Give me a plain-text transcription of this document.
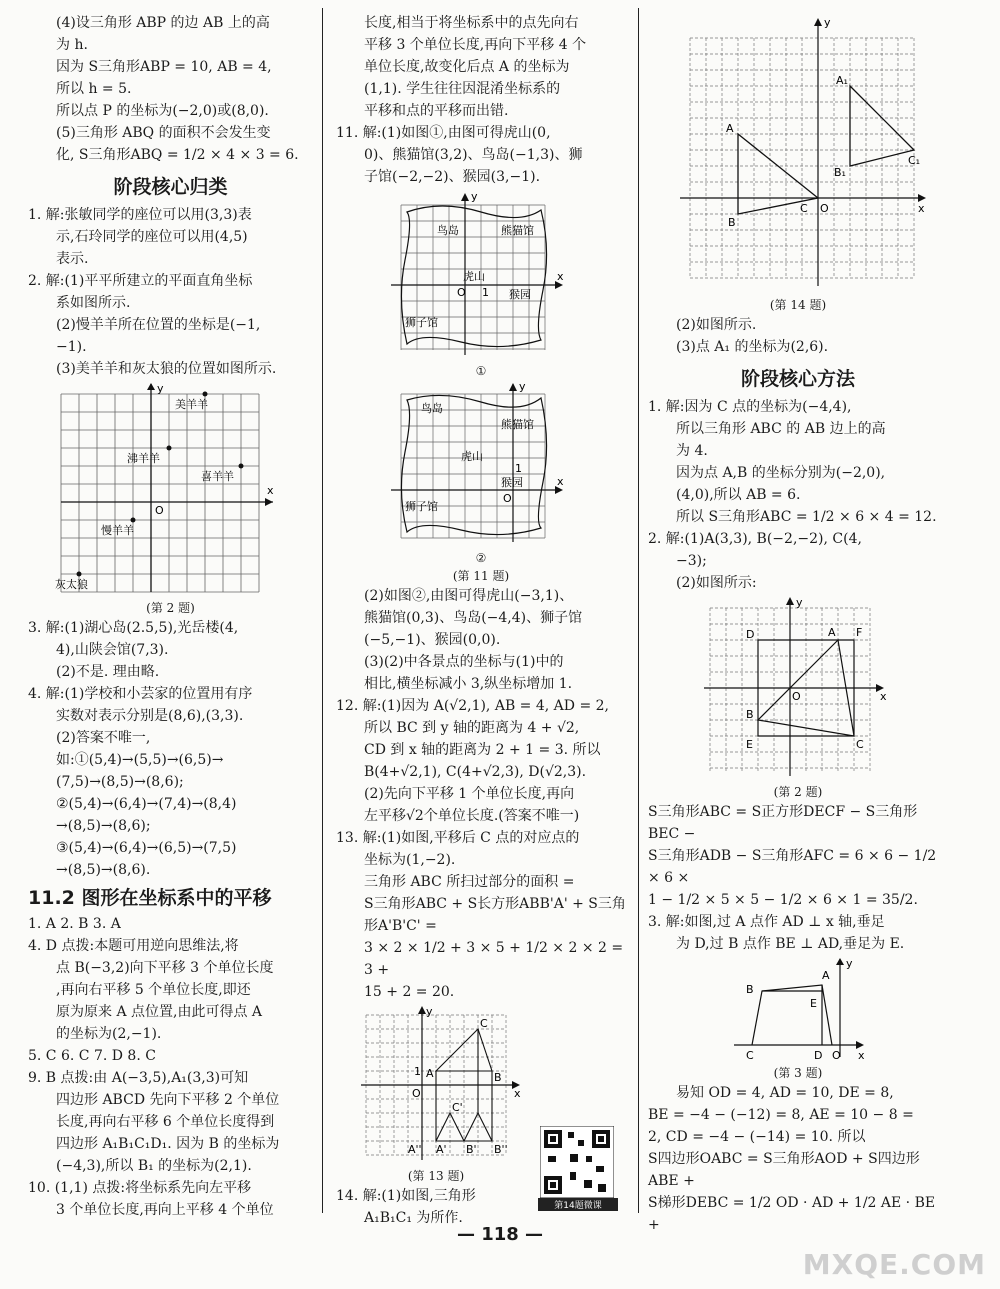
(4)设三角形 ABP 的边 AB 上的高

为 h.

因为 S三角形ABP = 10, AB = 4,

所以 h = 5.

所以点 P 的坐标为(−2,0)或(8,0).

(5)三角形 ABQ 的面积不会发生变

化, S三角形ABQ = 1/2 × 4 × 3 = 6.

阶段核心归类

1. 解:张敏同学的座位可以用(3,3)表

示,石玲同学的座位可以用(4,5)

表示.

2. 解:(1)平平所建立的平面直角坐标

系如图所示.

(2)慢羊羊所在位置的坐标是(−1,

−1).

(3)美羊羊和灰太狼的位置如图所示.

y
x
O
美羊羊
沸羊羊
喜羊羊
慢羊羊
灰太狼
(第 2 题)

3. 解:(1)湖心岛(2.5,5),光岳楼(4,

4),山陕会馆(7,3).

(2)不是. 理由略.

4. 解:(1)学校和小芸家的位置用有序

实数对表示分别是(8,6),(3,3).

(2)答案不唯一,

如:①(5,4)→(5,5)→(6,5)→

(7,5)→(8,5)→(8,6);

②(5,4)→(6,4)→(7,4)→(8,4)

→(8,5)→(8,6);

③(5,4)→(6,4)→(6,5)→(7,5)

→(8,5)→(8,6).

11.2 图形在坐标系中的平移

1. A 2. B 3. A

4. D 点拨:本题可用逆向思维法,将

点 B(−3,2)向下平移 3 个单位长度

,再向右平移 5 个单位长度,即还

原为原来 A 点位置,由此可得点 A

的坐标为(2,−1).

5. C 6. C 7. D 8. C

9. B 点拨:由 A(−3,5),A₁(3,3)可知

四边形 ABCD 先向下平移 2 个单位

长度,再向右平移 6 个单位长度得到

四边形 A₁B₁C₁D₁. 因为 B 的坐标为

(−4,3),所以 B₁ 的坐标为(2,1).

10. (1,1) 点拨:将坐标系先向左平移

3 个单位长度,再向上平移 4 个单位

长度,相当于将坐标系中的点先向右

平移 3 个单位长度,再向下平移 4 个

单位长度,故变化后点 A 的坐标为

(1,1). 学生往往因混淆坐标系的

平移和点的平移而出错.

11. 解:(1)如图①,由图可得虎山(0,

0)、熊猫馆(3,2)、鸟岛(−1,3)、狮

子馆(−2,−2)、猴园(3,−1).

y
x
O 1
鸟岛	熊猫馆
虎山
猴园
狮子馆
①
y
x
O
1
鸟岛
熊猫馆
虎山
猴园
狮子馆
②
(第 11 题)

(2)如图②,由图可得虎山(−3,1)、

熊猫馆(0,3)、鸟岛(−4,4)、狮子馆

(−5,−1)、猴园(0,0).

(3)(2)中各景点的坐标与(1)中的

相比,横坐标减小 3,纵坐标增加 1.

12. 解:(1)因为 A(√2,1), AB = 4, AD = 2,

所以 BC 到 y 轴的距离为 4 + √2,

CD 到 x 轴的距离为 2 + 1 = 3. 所以

B(4+√2,1), C(4+√2,3), D(√2,3).

(2)先向下平移 1 个单位长度,再向

左平移√2个单位长度.(答案不唯一)

13. 解:(1)如图,平移后 C 点的对应点的

坐标为(1,−2).

三角形 ABC 所扫过部分的面积 =

S三角形ABC + S长方形ABB'A' + S三角形A'B'C' =

3 × 2 × 1/2 + 3 × 5 + 1/2 × 2 × 2 = 3 +

15 + 2 = 20.

y
x
O
1 A	B
C
C'
A' B'
A''	B''
(第 13 题)

14. 解:(1)如图,三角形

A₁B₁C₁ 为所作.

y
x
O
A
B
C
A₁
B₁
C₁
(第 14 题)

(2)如图所示.

(3)点 A₁ 的坐标为(2,6).

阶段核心方法

1. 解:因为 C 点的坐标为(−4,4),

所以三角形 ABC 的 AB 边上的高

为 4.

因为点 A,B 的坐标分别为(−2,0),

(4,0),所以 AB = 6.

所以 S三角形ABC = 1/2 × 6 × 4 = 12.

2. 解:(1)A(3,3), B(−2,−2), C(4,

−3);

(2)如图所示:

y
x
O
A F
B
C
D
E
(第 2 题)

S三角形ABC = S正方形DECF − S三角形BEC −

S三角形ADB − S三角形AFC = 6 × 6 − 1/2 × 6 ×

1 − 1/2 × 5 × 5 − 1/2 × 6 × 1 = 35/2.

3. 解:如图,过 A 点作 AD ⊥ x 轴,垂足

为 D,过 B 点作 BE ⊥ AD,垂足为 E.

y
x
O
A
B
C	D
E
(第 3 题)

易知 OD = 4, AD = 10, DE = 8,

BE = −4 − (−12) = 8, AE = 10 − 8 =

2, CD = −4 − (−14) = 10. 所以

S四边形OABC = S三角形AOD + S四边形ABE +

S梯形DEBC = 1/2 OD · AD + 1/2 AE · BE +

第14题微课
— 118 —
MXQE.COM
